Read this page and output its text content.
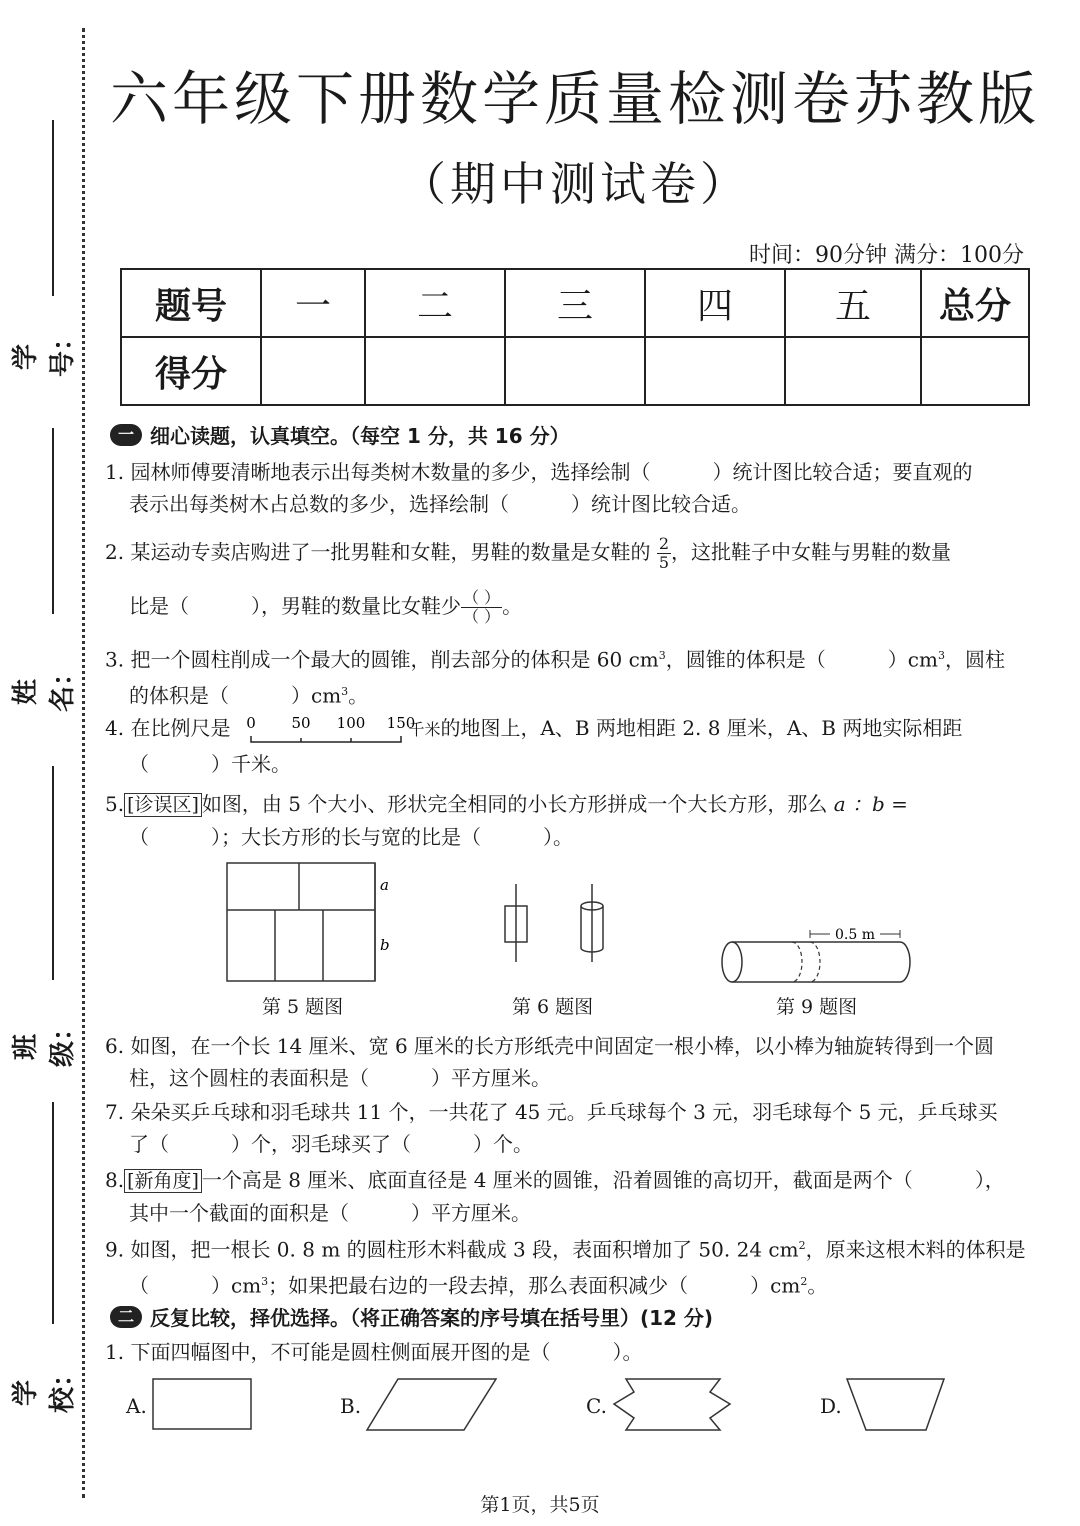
学号：
姓名：
班级：
学校：
六年级下册数学质量检测卷苏教版
（期中测试卷）
时间：90分钟 满分：100分
题号	一	二	三	四	五	总分
得分						
一 细心读题，认真填空。（每空 1 分，共 16 分）
1. 园林师傅要清晰地表示出每类树木数量的多少，选择绘制（	）统计图比较合适；要直观的
表示出每类树木占总数的多少，选择绘制（	）统计图比较合适。
2. 某运动专卖店购进了一批男鞋和女鞋，男鞋的数量是女鞋的 $\frac{2}{5}$ ，这批鞋子中女鞋与男鞋的数量
比是（	），男鞋的数量比女鞋少 $\frac{( )}{( )}$ 。
3. 把一个圆柱削成一个最大的圆锥，削去部分的体积是 60 $cm^3$，圆锥的体积是（	）$cm^3$，圆柱
的体积是（	）$cm^3$。
4. 在比例尺是	千米的地图上，A、B 两地相距 2. 8 厘米，A、B 两地实际相距
（	）千米。
0 50 100 150
5. [诊误区] 如图，由 5 个大小、形状完全相同的小长方形拼成一个大长方形，那么 a ：b =
（	）；大长方形的长与宽的比是（	）。
a
b
第 5 题图	第 6 题图
0.5 m
第 9 题图
6. 如图，在一个长 14 厘米、宽 6 厘米的长方形纸壳中间固定一根小棒，以小棒为轴旋转得到一个圆
柱，这个圆柱的表面积是（	）平方厘米。
7. 朵朵买乒乓球和羽毛球共 11 个，一共花了 45 元。乒乓球每个 3 元，羽毛球每个 5 元，乒乓球买
了（	）个，羽毛球买了（	）个。
8. [新角度] 一个高是 8 厘米、底面直径是 4 厘米的圆锥，沿着圆锥的高切开，截面是两个（	），
其中一个截面的面积是（	）平方厘米。
9. 如图，把一根长 0. 8 m 的圆柱形木料截成 3 段，表面积增加了 50. 24 $cm^2$，原来这根木料的体积是
（	）$cm^3$；如果把最右边的一段去掉，那么表面积减少（	）$cm^2$。
二 反复比较，择优选择。（将正确答案的序号填在括号里）(12 分)
1. 下面四幅图中，不可能是圆柱侧面展开图的是（	）。
A.	B.	C.	D.
第1页，共5页
